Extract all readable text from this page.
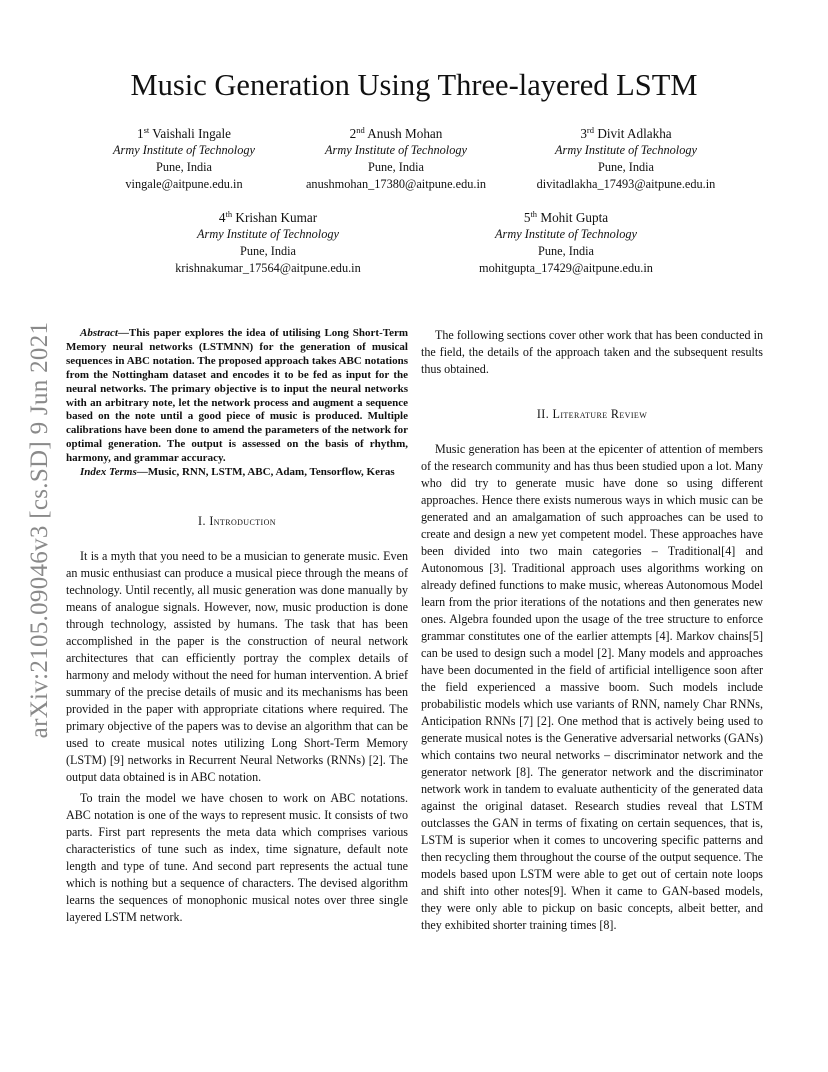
arXiv:2105.09046v3 [cs.SD] 9 Jun 2021
Music Generation Using Three-layered LSTM
1st Vaishali Ingale
Army Institute of Technology
Pune, India
vingale@aitpune.edu.in
2nd Anush Mohan
Army Institute of Technology
Pune, India
anushmohan_17380@aitpune.edu.in
3rd Divit Adlakha
Army Institute of Technology
Pune, India
divitadlakha_17493@aitpune.edu.in
4th Krishan Kumar
Army Institute of Technology
Pune, India
krishnakumar_17564@aitpune.edu.in
5th Mohit Gupta
Army Institute of Technology
Pune, India
mohitgupta_17429@aitpune.edu.in

Abstract—This paper explores the idea of utilising Long Short-Term Memory neural networks (LSTMNN) for the generation of musical sequences in ABC notation. The proposed approach takes ABC notations from the Nottingham dataset and encodes it to be fed as input for the neural networks. The primary objective is to input the neural networks with an arbitrary note, let the network process and augment a sequence based on the note until a good piece of music is produced. Multiple calibrations have been done to amend the parameters of the network for optimal generation. The output is assessed on the basis of rhythm, harmony, and grammar accuracy.

Index Terms—Music, RNN, LSTM, ABC, Adam, Tensorflow, Keras

I. Introduction

It is a myth that you need to be a musician to generate music. Even an music enthusiast can produce a musical piece through the means of technology. Until recently, all music generation was done manually by means of analogue signals. However, now, music production is done through technology, assisted by humans. The task that has been accomplished in the paper is the construction of neural network architectures that can efficiently portray the complex details of harmony and melody without the need for human intervention. A brief summary of the precise details of music and its mechanisms has been provided in the paper with appropriate citations where required. The primary objective of the papers was to devise an algorithm that can be used to create musical notes utilizing Long Short-Term Memory (LSTM) [9] networks in Recurrent Neural Networks (RNNs) [2]. The output data obtained is in ABC notation.

To train the model we have chosen to work on ABC notations. ABC notation is one of the ways to represent music. It consists of two parts. First part represents the meta data which comprises various characteristics of tune such as index, time signature, default note length and type of tune. And second part represents the actual tune which is nothing but a sequence of characters. The devised algorithm learns the sequences of monophonic musical notes over three single layered LSTM network.

The following sections cover other work that has been conducted in the field, the details of the approach taken and the subsequent results thus obtained.

II. Literature Review

Music generation has been at the epicenter of attention of members of the research community and has thus been studied upon a lot. Many who did try to generate music have done so using different approaches. Hence there exists numerous ways in which music can be generated and an amalgamation of such approaches can be used to create and design a new yet competent model. These approaches have been divided into two main categories – Traditional[4] and Autonomous [3]. Traditional approach uses algorithms working on already defined functions to make music, whereas Autonomous Model learn from the prior iterations of the notations and then generates new ones. Algebra founded upon the usage of the tree structure to enforce grammar constitutes one of the earlier attempts [4]. Markov chains[5] can be used to design such a model [2]. Many models and approaches have been documented in the field of artificial intelligence soon after the field experienced a massive boom. Such models include probabilistic models which use variants of RNN, namely Char RNNs, Anticipation RNNs [7] [2]. One method that is actively being used to generate musical notes is the Generative adversarial networks (GANs) which contains two neural networks – discriminator network and the generator network [8]. The generator network and the discriminator network work in tandem to evaluate authenticity of the generated data against the original dataset. Research studies reveal that LSTM outclasses the GAN in terms of fixating on certain sequences, that is, LSTM is superior when it comes to uncovering specific patterns and then recycling them throughout the course of the output sequence. The models based upon LSTM were able to get out of certain note loops and shift into other notes[9]. When it came to GAN-based models, they were only able to pickup on basic concepts, albeit better, and they exhibited shorter training times [8].
